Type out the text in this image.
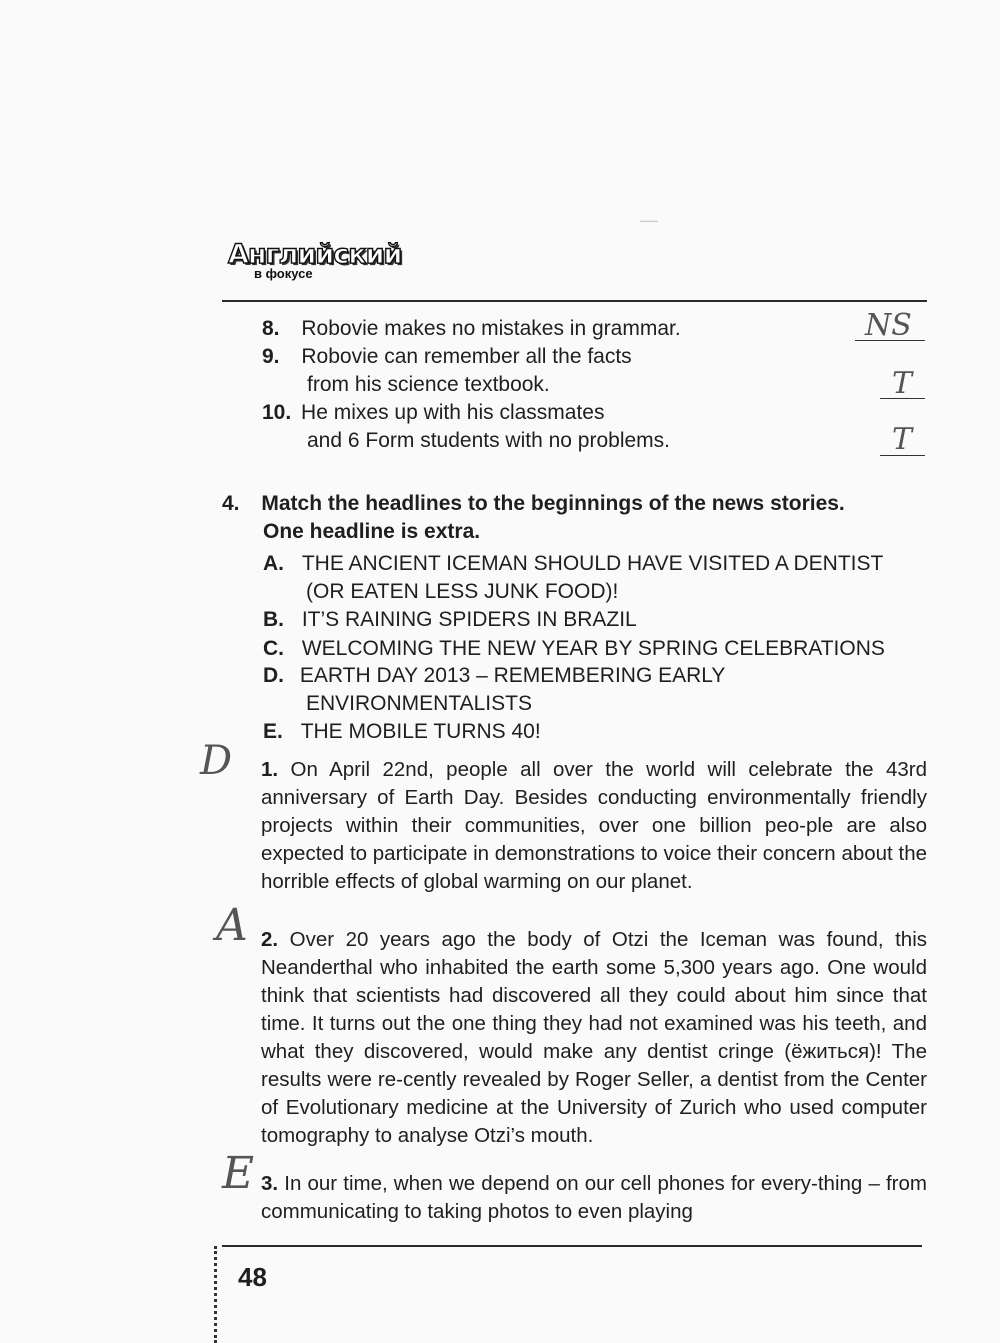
Английский
в фокусе
—
8. Robovie makes no mistakes in grammar.	NS
9. Robovie can remember all the facts
from his science textbook.	T
10. He mixes up with his classmates
and 6 Form students with no problems.	T
4. Match the headlines to the beginnings of the news stories.
One headline is extra.
A. THE ANCIENT ICEMAN SHOULD HAVE VISITED A DENTIST
(OR EATEN LESS JUNK FOOD)!
B. IT’S RAINING SPIDERS IN BRAZIL
C. WELCOMING THE NEW YEAR BY SPRING CELEBRATIONS
D. EARTH DAY 2013 – REMEMBERING EARLY
ENVIRONMENTALISTS
E. THE MOBILE TURNS 40!
D 1. On April 22nd, people all over the world will celebrate the 43rd anniversary of Earth Day. Besides conducting environmentally friendly projects within their communities, over one billion peo-ple are also expected to participate in demonstrations to voice their concern about the horrible effects of global warming on our planet.
A 2. Over 20 years ago the body of Otzi the Iceman was found, this Neanderthal who inhabited the earth some 5,300 years ago. One would think that scientists had discovered all they could about him since that time. It turns out the one thing they had not examined was his teeth, and what they discovered, would make any dentist cringe (ёжиться)! The results were re-cently revealed by Roger Seller, a dentist from the Center of Evolutionary medicine at the University of Zurich who used computer tomography to analyse Otzi’s mouth.
E 3. In our time, when we depend on our cell phones for every-thing – from communicating to taking photos to even playing
48
